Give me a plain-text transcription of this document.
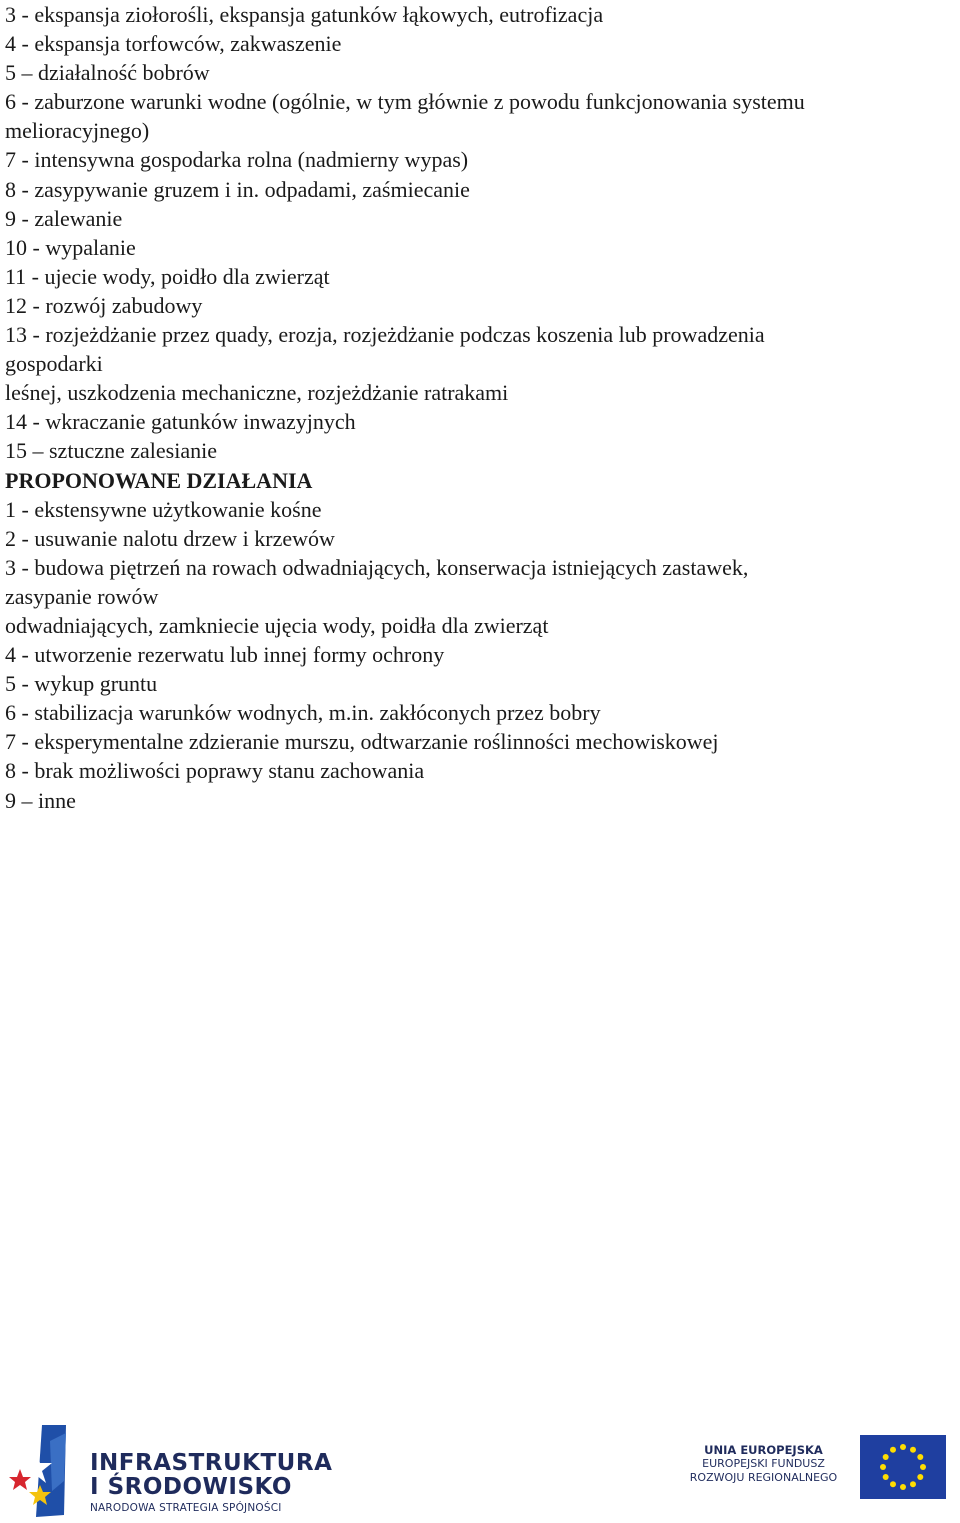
3 - ekspansja ziołorośli, ekspansja gatunków łąkowych, eutrofizacja
4 - ekspansja torfowców, zakwaszenie
5 – działalność bobrów
6 - zaburzone warunki wodne (ogólnie, w tym głównie z powodu funkcjonowania systemu
melioracyjnego)
7 - intensywna gospodarka rolna (nadmierny wypas)
8 - zasypywanie gruzem i in. odpadami, zaśmiecanie
9 - zalewanie
10 - wypalanie
11 - ujecie wody, poidło dla zwierząt
12 - rozwój zabudowy
13 - rozjeżdżanie przez quady, erozja, rozjeżdżanie podczas koszenia lub prowadzenia
gospodarki
leśnej, uszkodzenia mechaniczne, rozjeżdżanie ratrakami
14 - wkraczanie gatunków inwazyjnych
15 – sztuczne zalesianie
PROPONOWANE DZIAŁANIA
1 - ekstensywne użytkowanie kośne
2 - usuwanie nalotu drzew i krzewów
3 - budowa piętrzeń na rowach odwadniających, konserwacja istniejących zastawek,
zasypanie rowów
odwadniających, zamkniecie ujęcia wody, poidła dla zwierząt
4 - utworzenie rezerwatu lub innej formy ochrony
5 - wykup gruntu
6 - stabilizacja warunków wodnych, m.in. zakłóconych przez bobry
7 - eksperymentalne zdzieranie murszu, odtwarzanie roślinności mechowiskowej
8 - brak możliwości poprawy stanu zachowania
9 – inne
INFRASTRUKTURA
I ŚRODOWISKO
NARODOWA STRATEGIA SPÓJNOŚCI
UNIA EUROPEJSKA
EUROPEJSKI FUNDUSZ
ROZWOJU REGIONALNEGO
